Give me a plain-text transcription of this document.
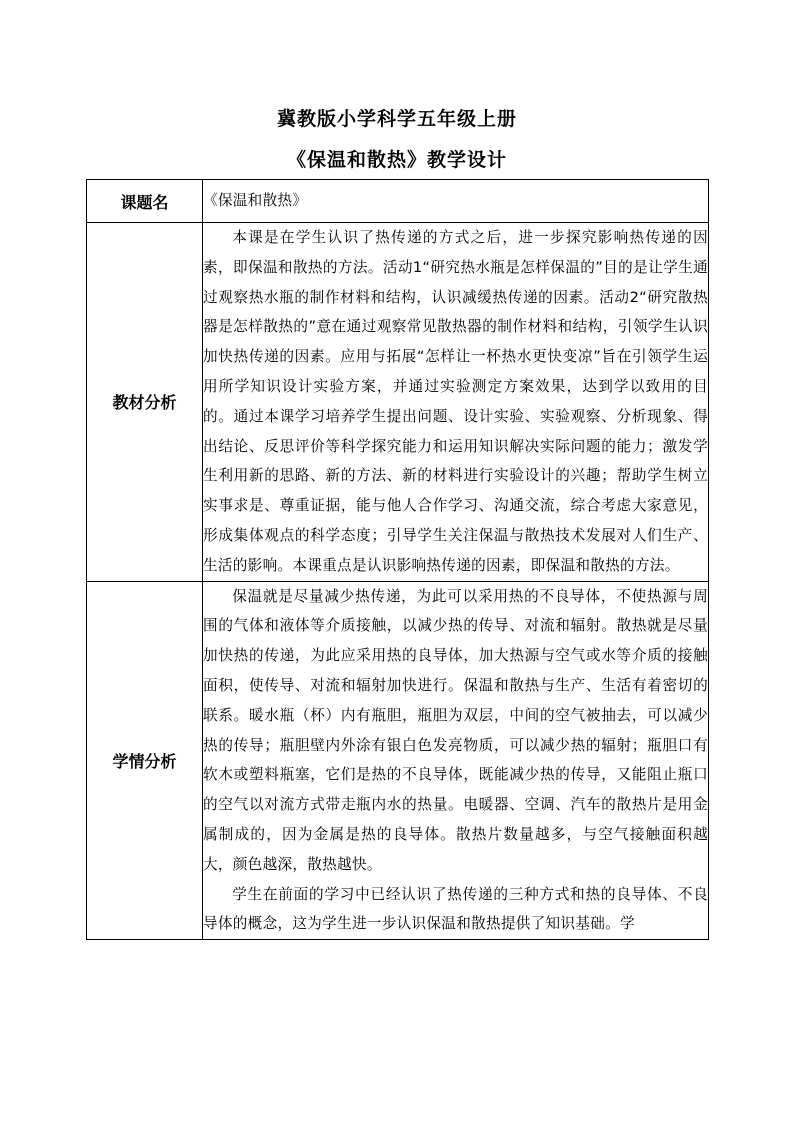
冀教版小学科学五年级上册
《保温和散热》教学设计
课题名	《保温和散热》

教材分析	本课是在学生认识了热传递的方式之后，进一步探究影响热传递的因素，即保温和散热的方法。活动1“研究热水瓶是怎样保温的”目的是让学生通过观察热水瓶的制作材料和结构，认识减缓热传递的因素。活动2“研究散热器是怎样散热的”意在通过观察常见散热器的制作材料和结构，引领学生认识加快热传递的因素。应用与拓展“怎样让一杯热水更快变凉”旨在引领学生运用所学知识设计实验方案，并通过实验测定方案效果，达到学以致用的目的。通过本课学习培养学生提出问题、设计实验、实验观察、分析现象、得出结论、反思评价等科学探究能力和运用知识解决实际问题的能力；激发学生利用新的思路、新的方法、新的材料进行实验设计的兴趣；帮助学生树立实事求是、尊重证据，能与他人合作学习、沟通交流，综合考虑大家意见，形成集体观点的科学态度；引导学生关注保温与散热技术发展对人们生产、生活的影响。本课重点是认识影响热传递的因素，即保温和散热的方法。

学情分析	保温就是尽量减少热传递，为此可以采用热的不良导体，不使热源与周围的气体和液体等介质接触，以减少热的传导、对流和辐射。散热就是尽量加快热的传递，为此应采用热的良导体，加大热源与空气或水等介质的接触面积，使传导、对流和辐射加快进行。保温和散热与生产、生活有着密切的联系。暖水瓶（杯）内有瓶胆，瓶胆为双层，中间的空气被抽去，可以减少热的传导；瓶胆壁内外涂有银白色发亮物质，可以减少热的辐射；瓶胆口有软木或塑料瓶塞，它们是热的不良导体，既能减少热的传导，又能阻止瓶口的空气以对流方式带走瓶内水的热量。电暖器、空调、汽车的散热片是用金属制成的，因为金属是热的良导体。散热片数量越多，与空气接触面积越大，颜色越深，散热越快。

学生在前面的学习中已经认识了热传递的三种方式和热的良导体、不良导体的概念，这为学生进一步认识保温和散热提供了知识基础。学
